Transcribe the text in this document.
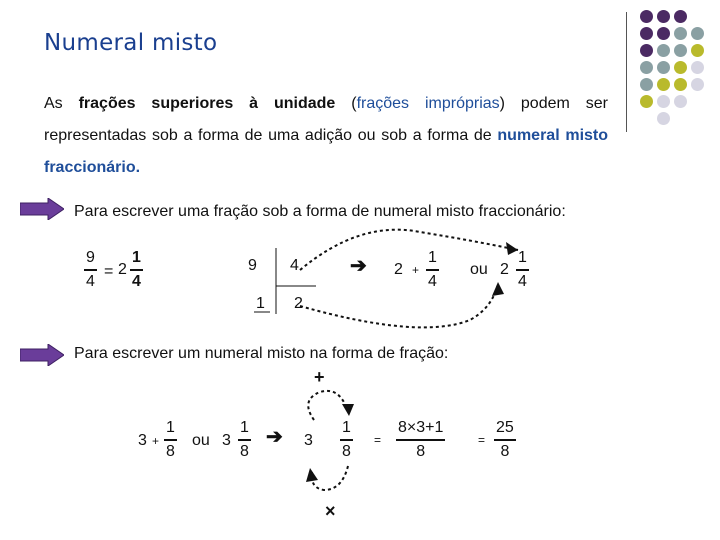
Numeral misto
As frações superiores à unidade (frações impróprias) podem ser representadas sob a forma de uma adição ou sob a forma de numeral misto fraccionário.
Para escrever uma fração sob a forma de numeral misto fraccionário:
9
4
= 2
1
4
9 4
1 2
➔ 2 +
1
4
ou 2
1
4
Para escrever um numeral misto na forma de fração:
+
×
3 +
1
8
ou 3
1
8
➔ 3
1
8
=
8×3+1
8
=
25
8
